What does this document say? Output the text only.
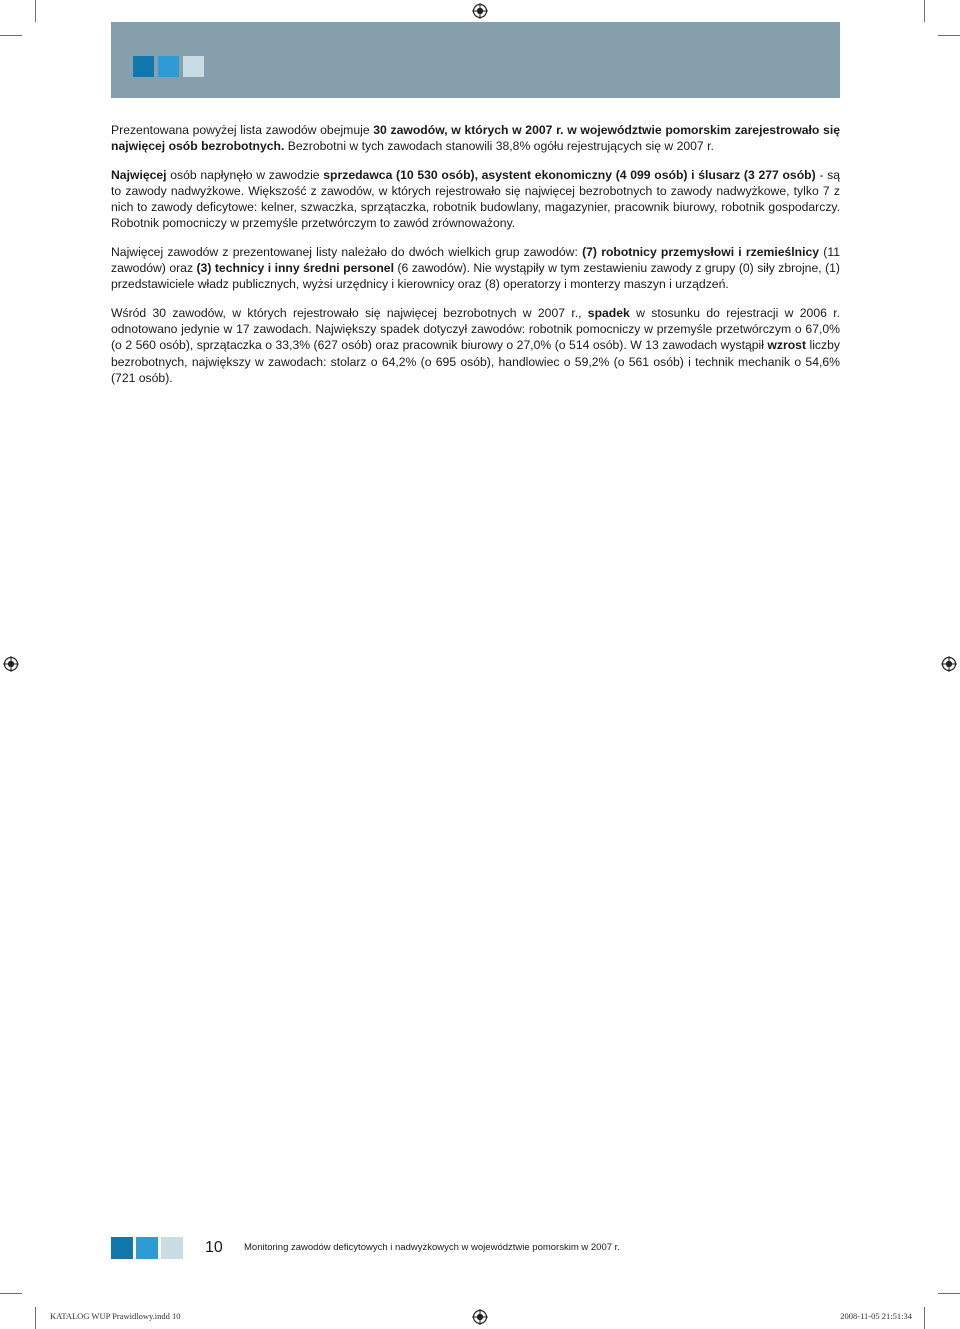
Prezentowana powyżej lista zawodów obejmuje 30 zawodów, w których w 2007 r. w województwie pomorskim zarejestrowało się najwięcej osób bezrobotnych. Bezrobotni w tych zawodach stanowili 38,8% ogółu rejestrujących się w 2007 r.

Najwięcej osób napłynęło w zawodzie sprzedawca (10 530 osób), asystent ekonomiczny (4 099 osób) i ślusarz (3 277 osób) - są to zawody nadwyżkowe. Większość z zawodów, w których rejestrowało się najwięcej bezrobotnych to zawody nadwyżkowe, tylko 7 z nich to zawody deficytowe: kelner, szwaczka, sprzątaczka, robotnik budowlany, magazynier, pracownik biurowy, robotnik gospodarczy. Robotnik pomocniczy w przemyśle przetwórczym to zawód zrównoważony.

Najwięcej zawodów z prezentowanej listy należało do dwóch wielkich grup zawodów: (7) robotnicy przemysłowi i rzemieślnicy (11 zawodów) oraz (3) technicy i inny średni personel (6 zawodów). Nie wystąpiły w tym zestawieniu zawody z grupy (0) siły zbrojne, (1) przedstawiciele władz publicznych, wyżsi urzędnicy i kierownicy oraz (8) operatorzy i monterzy maszyn i urządzeń.

Wśród 30 zawodów, w których rejestrowało się najwięcej bezrobotnych w 2007 r., spadek w stosunku do rejestracji w 2006 r. odnotowano jedynie w 17 zawodach. Największy spadek dotyczył zawodów: robotnik pomocniczy w przemyśle przetwórczym o 67,0% (o 2 560 osób), sprzątaczka o 33,3% (627 osób) oraz pracownik biurowy o 27,0% (o 514 osób). W 13 zawodach wystąpił wzrost liczby bezrobotnych, największy w zawodach: stolarz o 64,2% (o 695 osób), handlowiec o 59,2% (o 561 osób) i technik mechanik o 54,6% (721 osób).

10 Monitoring zawodów deficytowych i nadwyżkowych w województwie pomorskim w 2007 r.
KATALOG WUP Prawidlowy.indd 10	2008-11-05 21:51:34
